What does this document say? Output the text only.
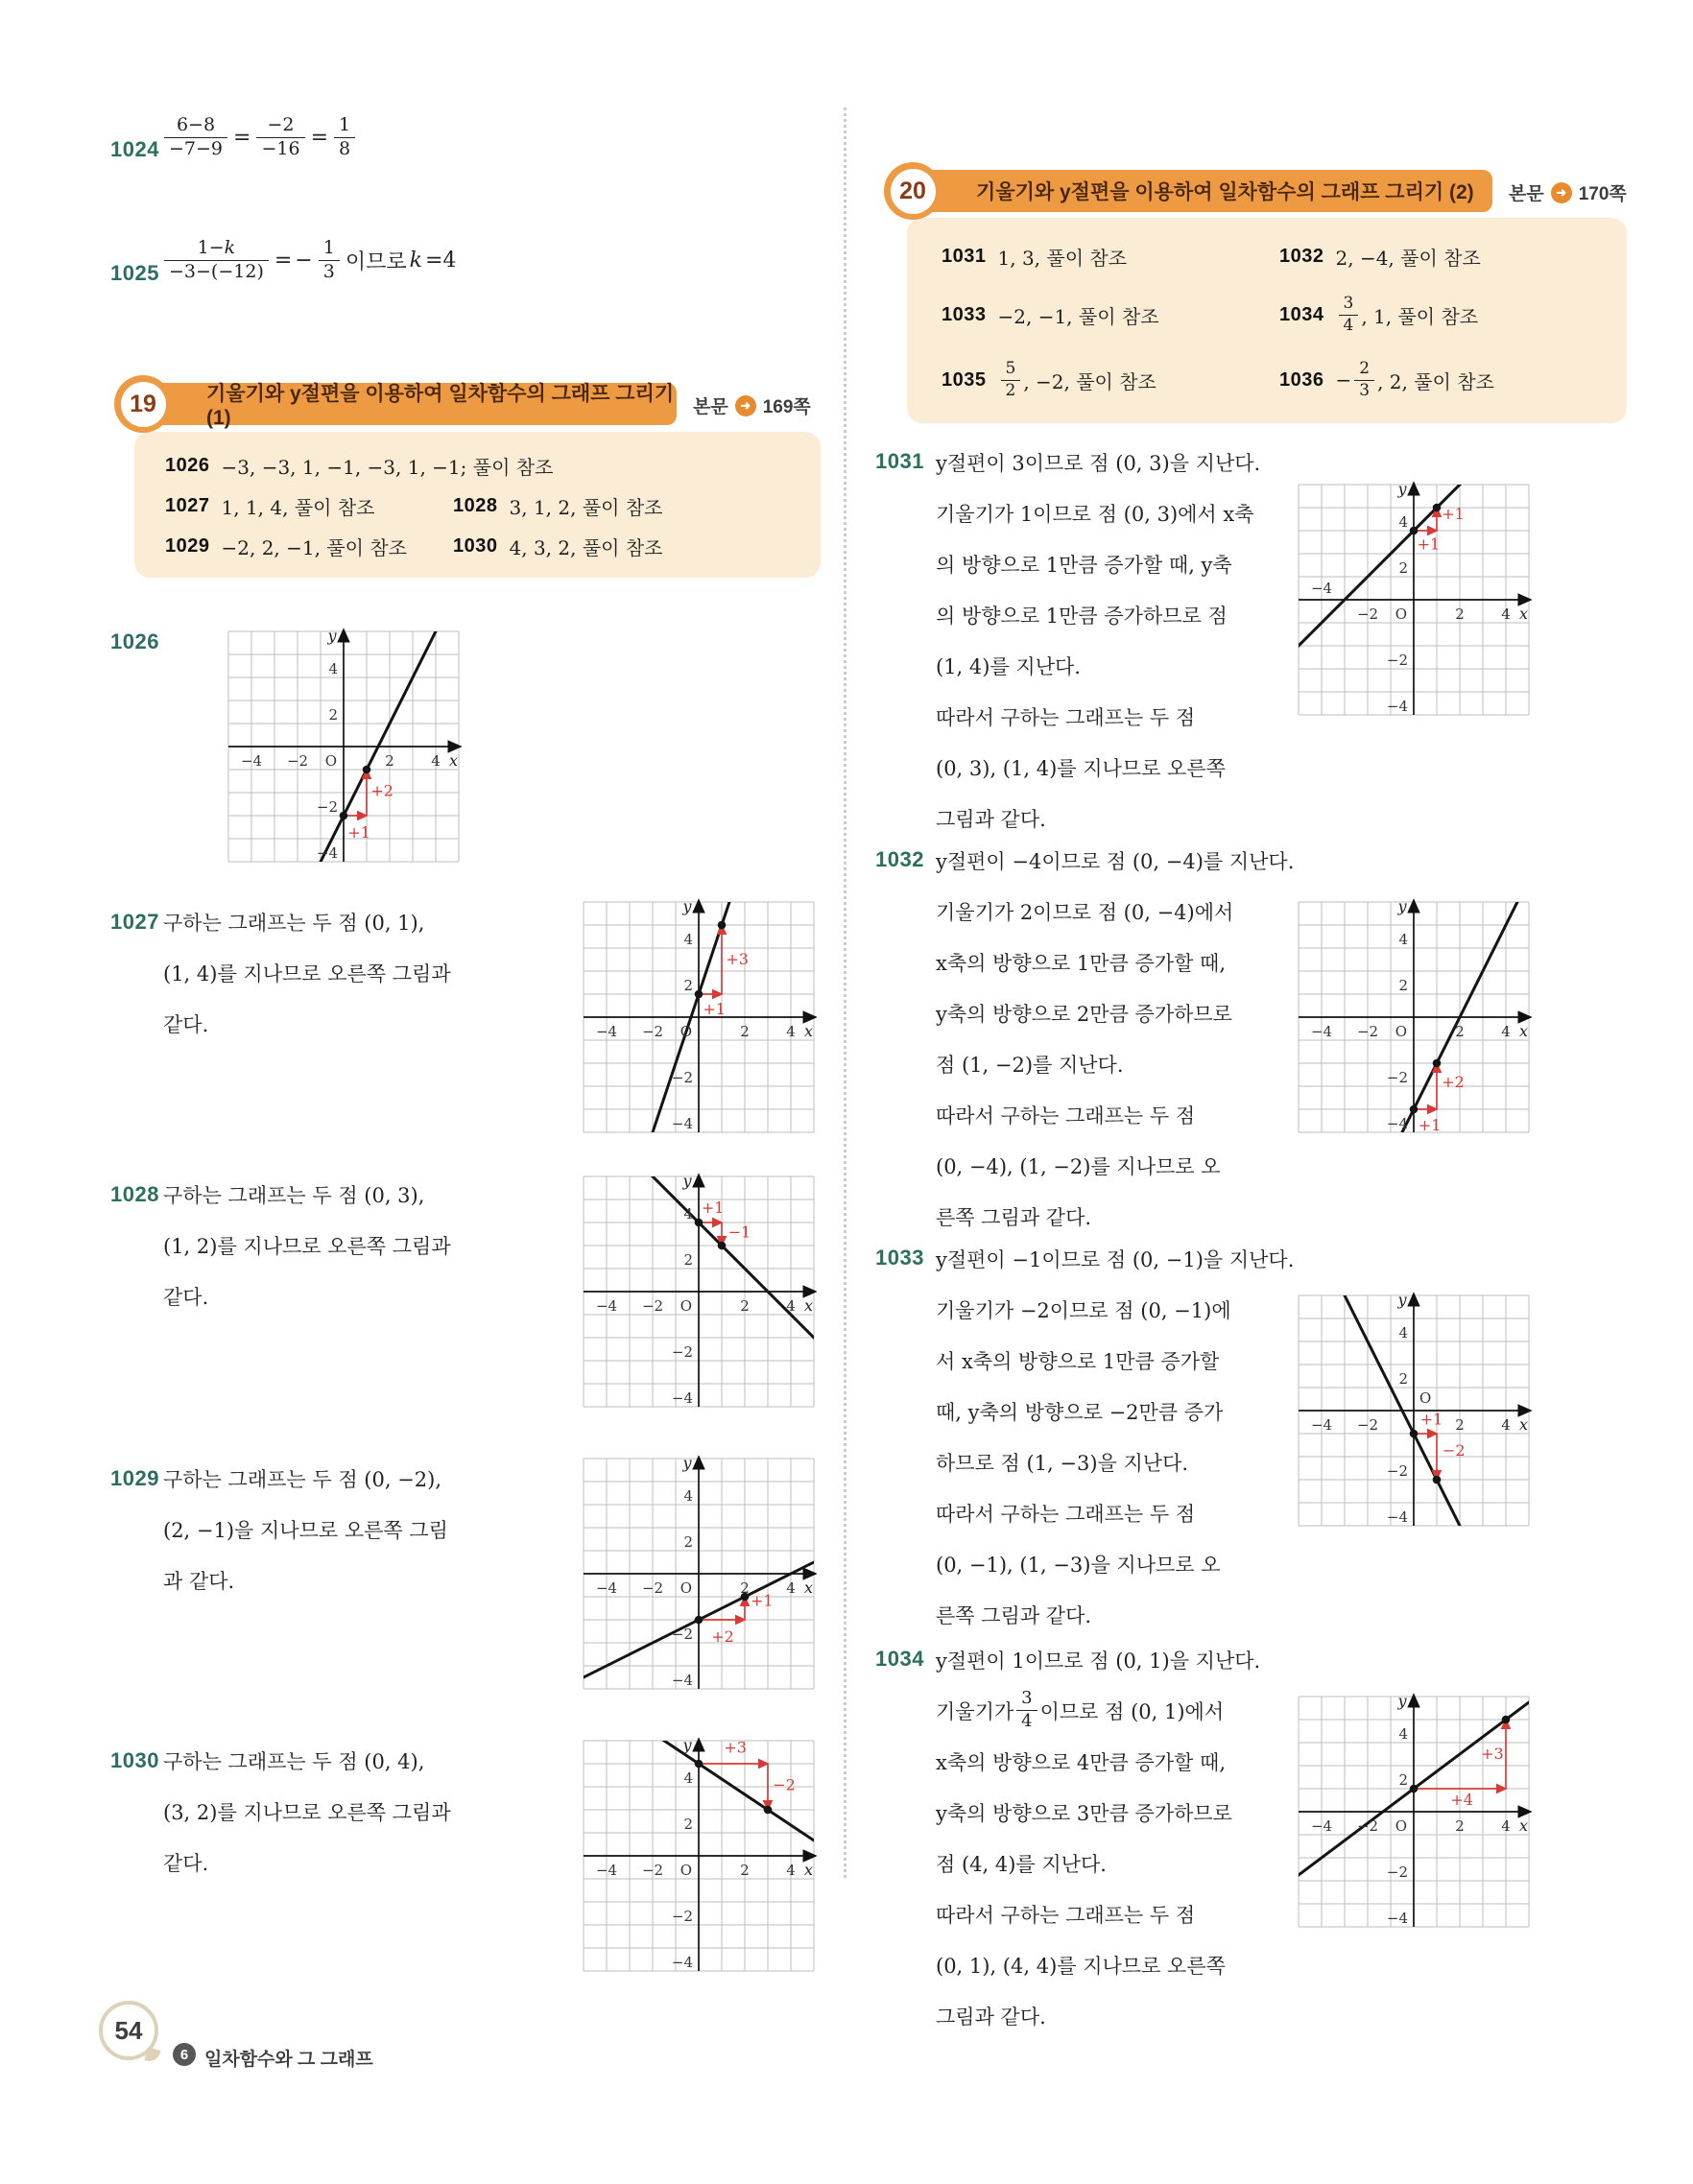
19	기울기와 y절편을 이용하여 일차함수의 그래프 그리기 (1)	본문 ➜ 169쪽
20	기울기와 y절편을 이용하여 일차함수의 그래프 그리기 (2) 본문 ➜ 170쪽
1026 −3, −3, 1, −1, −3, 1, −1; 풀이 참조
1027 1, 1, 4, 풀이 참조	1028 3, 1, 2, 풀이 참조
1029 −2, 2, −1, 풀이 참조 1030 4, 3, 2, 풀이 참조
1031 1, 3, 풀이 참조	1032 2, −4, 풀이 참조
1033 −2, −1, 풀이 참조	$1034 \frac{3}{4}$ , 1, 풀이 참조
$1035 \frac{5}{2}$ , −2, 풀이 참조	$1036 - \frac{2}{3}$ , 2, 풀이 참조
$1024 \frac{6-8}{-7-9} = \frac{-2}{-16} = \frac{1}{8}$
$1025 \frac{1-k}{-3-(-12)}$ = − $\frac{1}{3}$ 이므로 k =4
1026
+1
+2
−4 −2	2	4
4
2
−2
−4
O	x
y
1027 구하는 그래프는 두 점 (0, 1),
(1, 4)를 지나므로 오른쪽 그림과
같다.
+1
+3
−4 −2	2	4
4
2
−2
−4
O	x
y
1028 구하는 그래프는 두 점 (0, 3),
(1, 2)를 지나므로 오른쪽 그림과
같다.
+1
−1
−4 −2	2	4
4
2
−2
−4
O	x
y
1029 구하는 그래프는 두 점 (0, −2),
(2, −1)을 지나므로 오른쪽 그림
과 같다.
+2
+1
−4 −2	2	4
4
2
−2
−4
O	x
y
1030 구하는 그래프는 두 점 (0, 4),
(3, 2)를 지나므로 오른쪽 그림과
같다.
+3
−2
−4 −2	2	4
4
2
−2
−4
O	x
y
1031 y절편이 3이므로 점 (0, 3)을 지난다.
기울기가 1이므로 점 (0, 3)에서 x축
의 방향으로 1만큼 증가할 때, y축
의 방향으로 1만큼 증가하므로 점
(1, 4)를 지난다.
따라서 구하는 그래프는 두 점
(0, 3), (1, 4)를 지나므로 오른쪽
그림과 같다.
+1
+1
−4
−2	2	4
4
2
−2
−4
O	x
y
1032 y절편이 −4이므로 점 (0, −4)를 지난다.
기울기가 2이므로 점 (0, −4)에서
x축의 방향으로 1만큼 증가할 때,
y축의 방향으로 2만큼 증가하므로
점 (1, −2)를 지난다.
따라서 구하는 그래프는 두 점
(0, −4), (1, −2)를 지나므로 오
른쪽 그림과 같다.
+1
+2
−4 −2	2	4
4
2
−2
−4
O	x
y
1033 y절편이 −1이므로 점 (0, −1)을 지난다.
기울기가 −2이므로 점 (0, −1)에
서 x축의 방향으로 1만큼 증가할
때, y축의 방향으로 −2만큼 증가
하므로 점 (1, −3)을 지난다.
따라서 구하는 그래프는 두 점
(0, −1), (1, −3)을 지나므로 오
른쪽 그림과 같다.
+1
−2
−4 −2	2	4
4
2
−2
−4
O
x
y
1034 y절편이 1이므로 점 (0, 1)을 지난다.
기울기가 $\frac{3}{4}$ 이므로 점 (0, 1)에서
x축의 방향으로 4만큼 증가할 때,
y축의 방향으로 3만큼 증가하므로
점 (4, 4)를 지난다.
따라서 구하는 그래프는 두 점
(0, 1), (4, 4)를 지나므로 오른쪽
그림과 같다.
+4
+3
−4 −2	2	4
4
2
−2
−4
O	x
y
54
6 일차함수와 그 그래프
